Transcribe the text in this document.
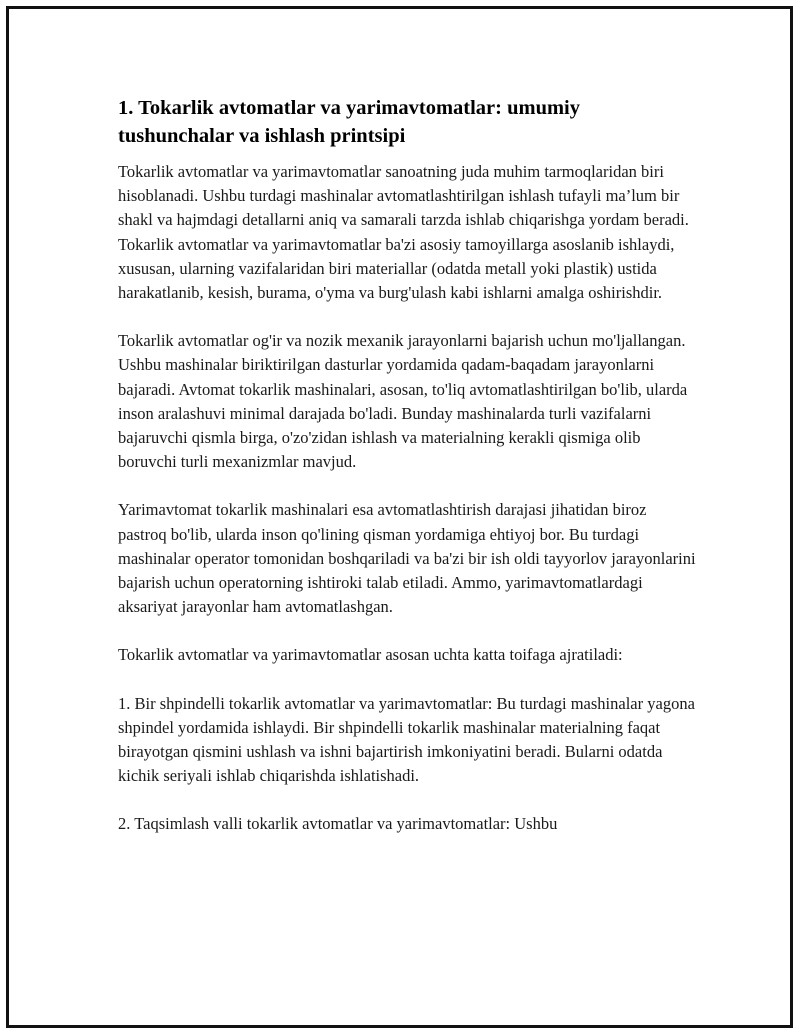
1. Tokarlik avtomatlar va yarimavtomatlar: umumiy tushunchalar va ishlash printsipi

Tokarlik avtomatlar va yarimavtomatlar sanoatning juda muhim tarmoqlaridan biri hisoblanadi. Ushbu turdagi mashinalar avtomatlashtirilgan ishlash tufayli ma’lum bir shakl va hajmdagi detallarni aniq va samarali tarzda ishlab chiqarishga yordam beradi. Tokarlik avtomatlar va yarimavtomatlar ba'zi asosiy tamoyillarga asoslanib ishlaydi, xususan, ularning vazifalaridan biri materiallar (odatda metall yoki plastik) ustida harakatlanib, kesish, burama, o'yma va burg'ulash kabi ishlarni amalga oshirishdir.

Tokarlik avtomatlar og'ir va nozik mexanik jarayonlarni bajarish uchun mo'ljallangan. Ushbu mashinalar biriktirilgan dasturlar yordamida qadam-baqadam jarayonlarni bajaradi. Avtomat tokarlik mashinalari, asosan, to'liq avtomatlashtirilgan bo'lib, ularda inson aralashuvi minimal darajada bo'ladi. Bunday mashinalarda turli vazifalarni bajaruvchi qismla birga, o'zo'zidan ishlash va materialning kerakli qismiga olib boruvchi turli mexanizmlar mavjud.

Yarimavtomat tokarlik mashinalari esa avtomatlashtirish darajasi jihatidan biroz pastroq bo'lib, ularda inson qo'lining qisman yordamiga ehtiyoj bor. Bu turdagi mashinalar operator tomonidan boshqariladi va ba'zi bir ish oldi tayyorlov jarayonlarini bajarish uchun operatorning ishtiroki talab etiladi. Ammo, yarimavtomatlardagi aksariyat jarayonlar ham avtomatlashgan.

Tokarlik avtomatlar va yarimavtomatlar asosan uchta katta toifaga ajratiladi:

1. Bir shpindelli tokarlik avtomatlar va yarimavtomatlar: Bu turdagi mashinalar yagona shpindel yordamida ishlaydi. Bir shpindelli tokarlik mashinalar materialning faqat birayotgan qismini ushlash va ishni bajartirish imkoniyatini beradi. Bularni odatda kichik seriyali ishlab chiqarishda ishlatishadi.

2. Taqsimlash valli tokarlik avtomatlar va yarimavtomatlar: Ushbu
